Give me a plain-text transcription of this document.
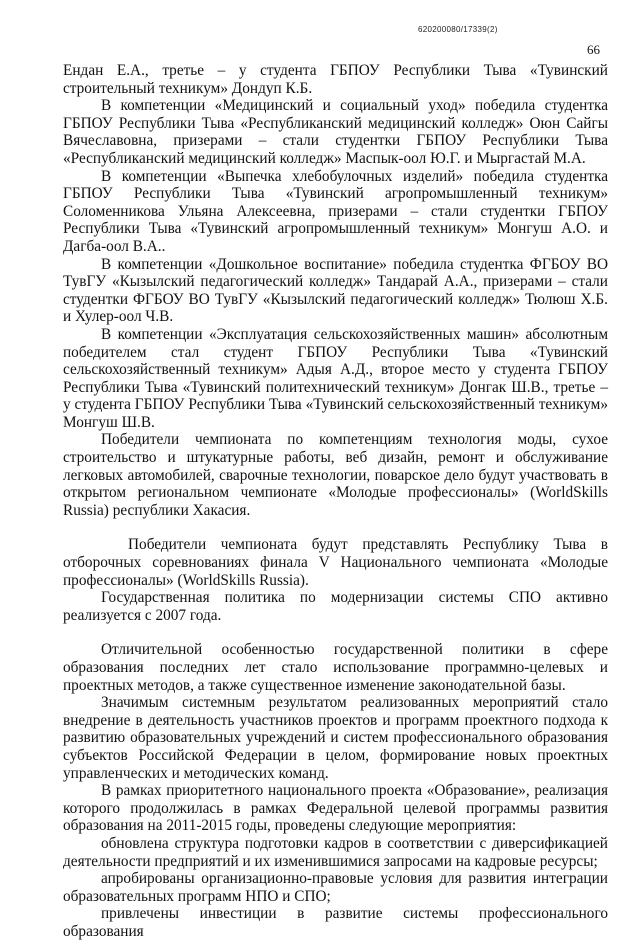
620200080/17339(2)
66

Ендан Е.А., третье – у студента ГБПОУ Республики Тыва «Тувинский строительный техникум» Дондуп К.Б.

В компетенции «Медицинский и социальный уход» победила студентка ГБПОУ Республики Тыва «Республиканский медицинский колледж» Оюн Сайгы Вячеславовна, призерами – стали студентки ГБПОУ Республики Тыва «Республиканский медицинский колледж» Маспык-оол Ю.Г. и Мыргастай М.А.

В компетенции «Выпечка хлебобулочных изделий» победила студентка ГБПОУ Республики Тыва «Тувинский агропромышленный техникум» Соломенникова Ульяна Алексеевна, призерами – стали студентки ГБПОУ Республики Тыва «Тувинский агропромышленный техникум» Монгуш А.О. и Дагба-оол В.А..

В компетенции «Дошкольное воспитание» победила студентка ФГБОУ ВО ТувГУ «Кызылский педагогический колледж» Тандарай А.А., призерами – стали студентки ФГБОУ ВО ТувГУ «Кызылский педагогический колледж» Тюлюш Х.Б. и Хулер-оол Ч.В.

В компетенции «Эксплуатация сельскохозяйственных машин» абсолютным победителем стал студент ГБПОУ Республики Тыва «Тувинский сельскохозяйственный техникум» Адыя А.Д., второе место у студента ГБПОУ Республики Тыва «Тувинский политехнический техникум» Донгак Ш.В., третье – у студента ГБПОУ Республики Тыва «Тувинский сельскохозяйственный техникум» Монгуш Ш.В.

Победители чемпионата по компетенциям технология моды, сухое строительство и штукатурные работы, веб дизайн, ремонт и обслуживание легковых автомобилей, сварочные технологии, поварское дело будут участвовать в открытом региональном чемпионате «Молодые профессионалы» (WorldSkills Russia) республики Хакасия.

Победители чемпионата будут представлять Республику Тыва в отборочных соревнованиях финала V Национального чемпионата «Молодые профессионалы» (WorldSkills Russia).

Государственная политика по модернизации системы СПО активно реализуется с 2007 года.

Отличительной особенностью государственной политики в сфере образования последних лет стало использование программно-целевых и проектных методов, а также существенное изменение законодательной базы.

Значимым системным результатом реализованных мероприятий стало внедрение в деятельность участников проектов и программ проектного подхода к развитию образовательных учреждений и систем профессионального образования субъектов Российской Федерации в целом, формирование новых проектных управленческих и методических команд.

В рамках приоритетного национального проекта «Образование», реализация которого продолжилась в рамках Федеральной целевой программы развития образования на 2011-2015 годы, проведены следующие мероприятия:

обновлена структура подготовки кадров в соответствии с диверсификацией деятельности предприятий и их изменившимися запросами на кадровые ресурсы;

апробированы организационно-правовые условия для развития интеграции образовательных программ НПО и СПО;

привлечены инвестиции в развитие системы профессионального образования
